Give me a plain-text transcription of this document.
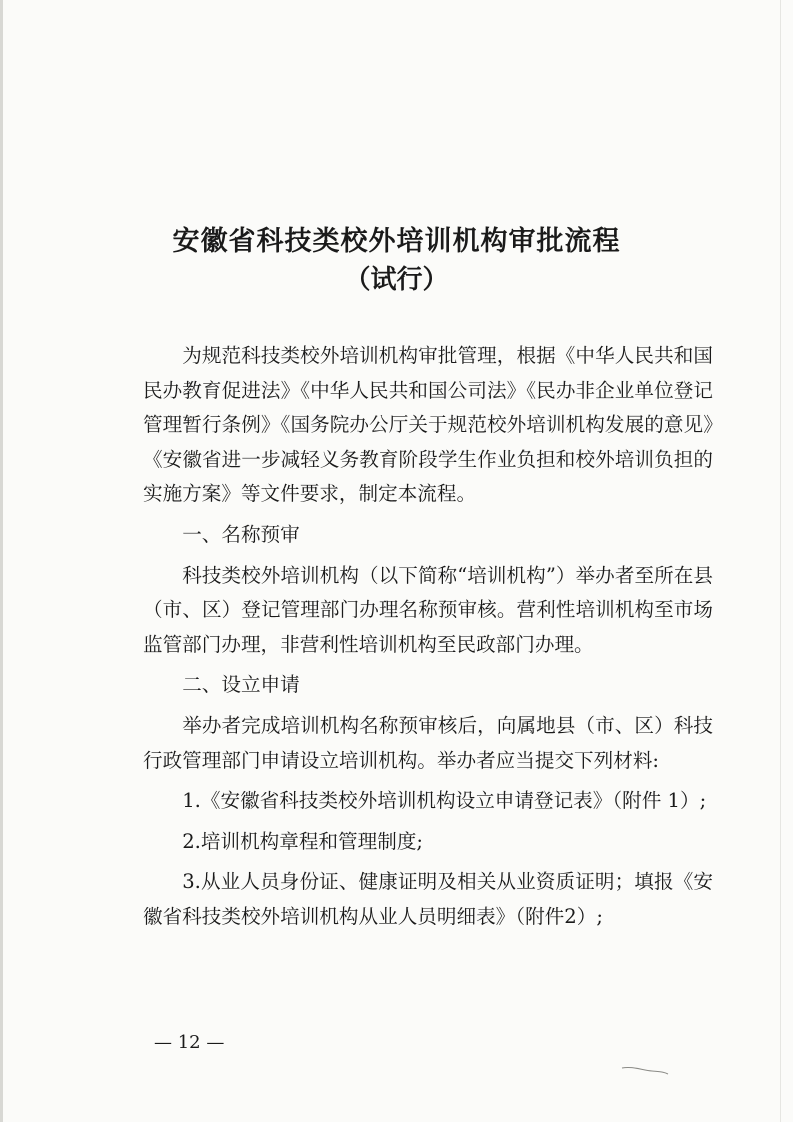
安徽省科技类校外培训机构审批流程
（试行）

为规范科技类校外培训机构审批管理，根据《中华人民共和国民办教育促进法》《中华人民共和国公司法》《民办非企业单位登记管理暂行条例》《国务院办公厅关于规范校外培训机构发展的意见》《安徽省进一步减轻义务教育阶段学生作业负担和校外培训负担的实施方案》等文件要求，制定本流程。

一、名称预审

科技类校外培训机构（以下简称“培训机构”）举办者至所在县（市、区）登记管理部门办理名称预审核。营利性培训机构至市场监管部门办理，非营利性培训机构至民政部门办理。

二、设立申请

举办者完成培训机构名称预审核后，向属地县（市、区）科技行政管理部门申请设立培训机构。举办者应当提交下列材料:

1.《安徽省科技类校外培训机构设立申请登记表》（附件 1）;

2.培训机构章程和管理制度;

3.从业人员身份证、健康证明及相关从业资质证明；填报《安徽省科技类校外培训机构从业人员明细表》（附件2）;

— 12 —
